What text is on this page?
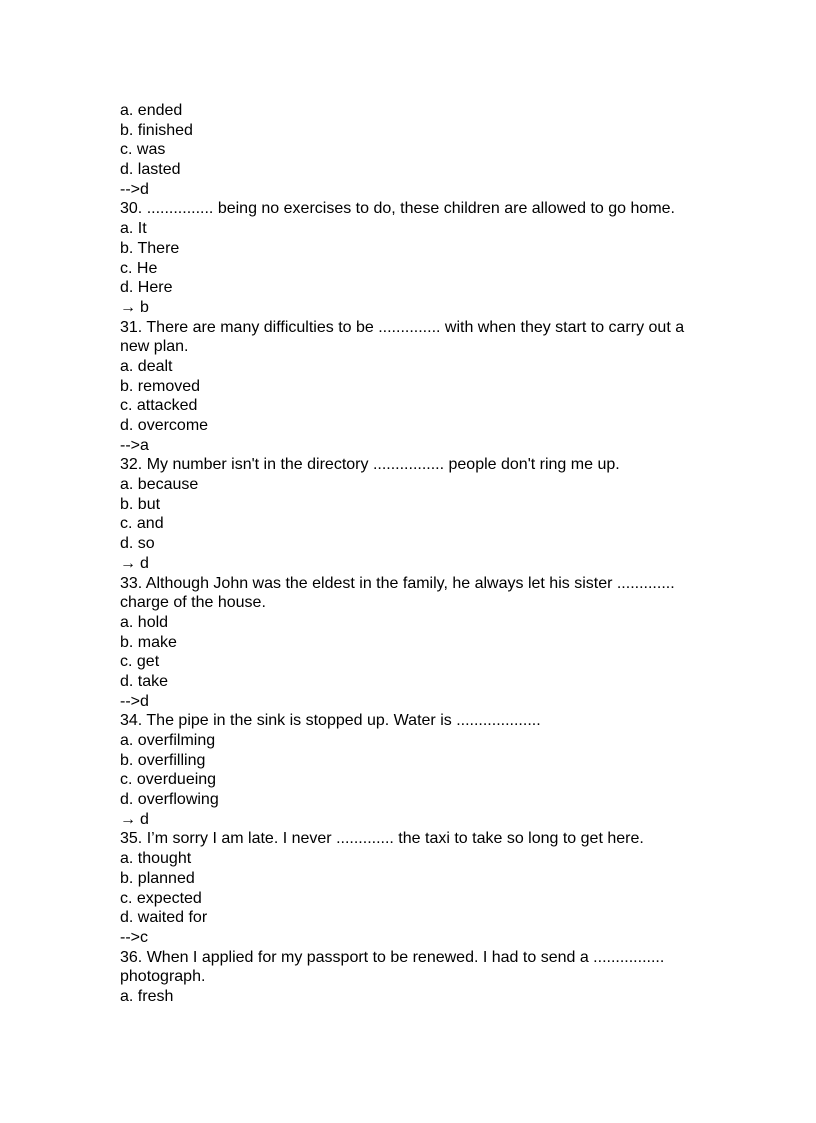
a. ended
b. finished
c. was
d. lasted
-->d
30. ............... being no exercises to do, these children are allowed to go home.
a. It
b. There
c. He
d. Here
→ b
31. There are many difficulties to be .............. with when they start to carry out a
new plan.
a. dealt
b. removed
c. attacked
d. overcome
-->a
32. My number isn't in the directory ................ people don't ring me up.
a. because
b. but
c. and
d. so
→ d
33. Although John was the eldest in the family, he always let his sister .............
charge of the house.
a. hold
b. make
c. get
d. take
-->d
34. The pipe in the sink is stopped up. Water is ...................
a. overfilming
b. overfilling
c. overdueing
d. overflowing
→ d
35. I’m sorry I am late. I never ............. the taxi to take so long to get here.
a. thought
b. planned
c. expected
d. waited for
-->c
36. When I applied for my passport to be renewed. I had to send a ................
photograph.
a. fresh
